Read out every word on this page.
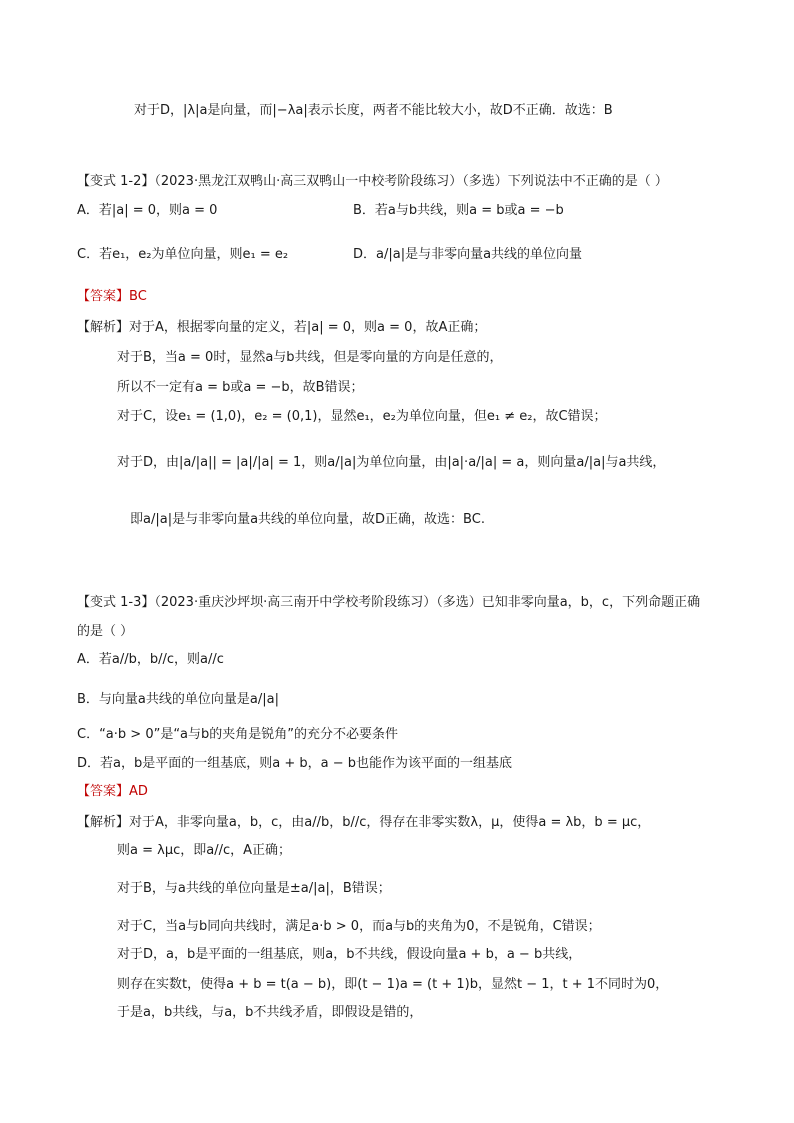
对于D，|λ|a是向量，而|−λa|表示长度，两者不能比较大小，故D不正确．故选：B
【变式 1-2】（2023·黑龙江双鸭山·高三双鸭山一中校考阶段练习）（多选）下列说法中不正确的是（ ）
A．若|a| = 0，则a = 0	B．若a与b共线，则a = b或a = −b
C．若e₁，e₂为单位向量，则e₁ = e₂	D．a/|a|是与非零向量a共线的单位向量
【答案】BC
【解析】对于A，根据零向量的定义，若|a| = 0，则a = 0，故A正确；
对于B，当a = 0时，显然a与b共线，但是零向量的方向是任意的，
所以不一定有a = b或a = −b，故B错误；
对于C，设e₁ = (1,0)，e₂ = (0,1)，显然e₁，e₂为单位向量，但e₁ ≠ e₂，故C错误；
对于D，由|a/|a|| = |a|/|a| = 1，则a/|a|为单位向量，由|a|·a/|a| = a，则向量a/|a|与a共线，
即a/|a|是与非零向量a共线的单位向量，故D正确，故选：BC.
【变式 1-3】（2023·重庆沙坪坝·高三南开中学校考阶段练习）（多选）已知非零向量a，b，c，下列命题正确
的是（ ）
A．若a//b，b//c，则a//c
B．与向量a共线的单位向量是a/|a|
C．“a·b > 0”是“a与b的夹角是锐角”的充分不必要条件
D．若a，b是平面的一组基底，则a + b，a − b也能作为该平面的一组基底
【答案】AD
【解析】对于A，非零向量a，b，c，由a//b，b//c，得存在非零实数λ，μ，使得a = λb，b = μc，
则a = λμc，即a//c，A正确；
对于B，与a共线的单位向量是±a/|a|，B错误；
对于C，当a与b同向共线时，满足a·b > 0，而a与b的夹角为0，不是锐角，C错误；
对于D，a，b是平面的一组基底，则a，b不共线，假设向量a + b，a − b共线，
则存在实数t，使得a + b = t(a − b)，即(t − 1)a = (t + 1)b，显然t − 1，t + 1不同时为0，
于是a，b共线，与a，b不共线矛盾，即假设是错的，
